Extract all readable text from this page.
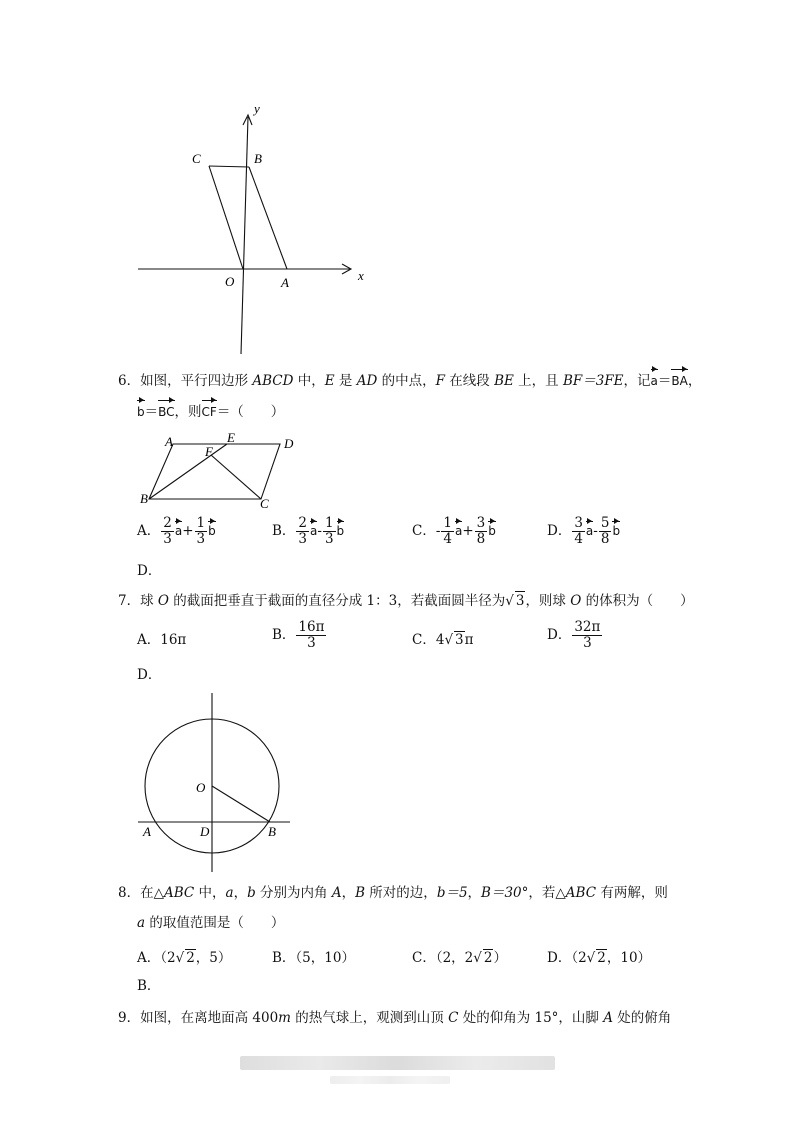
y
C	B
x
O	A
6．如图，平行四边形 ABCD 中，E 是 AD 的中点，F 在线段 BE 上，且 BF＝3FE，记a＝BA，
b＝BC，则CF＝（　　）
A	E	D
F
B	C
A． $\frac{2}{3} a+ \frac{1}{3}$ b	B． $\frac{2}{3} a- \frac{1}{3}$ b	C．- $\frac{1}{4} a+ \frac{3}{8}$ b	D． $\frac{3}{4} a- \frac{5}{8}$ b
D．
7．球 O 的截面把垂直于截面的直径分成 1：3，若截面圆半径为√ 3，则球 O 的体积为（　　）
A．16π	B． $\frac{16\pi}{3}$	C．4√ 3π	D． $\frac{32\pi}{3}$
D．
O
A	D	B
8．在△ABC 中，a，b 分别为内角 A，B 所对的边，b＝5，B＝30°，若△ABC 有两解，则
a 的取值范围是（　　）
A．（2√ 2，5）	B．（5，10）	C．（2，2√ 2）	D．（2√ 2，10）
B．
9．如图，在离地面高 400m 的热气球上，观测到山顶 C 处的仰角为 15°，山脚 A 处的俯角
